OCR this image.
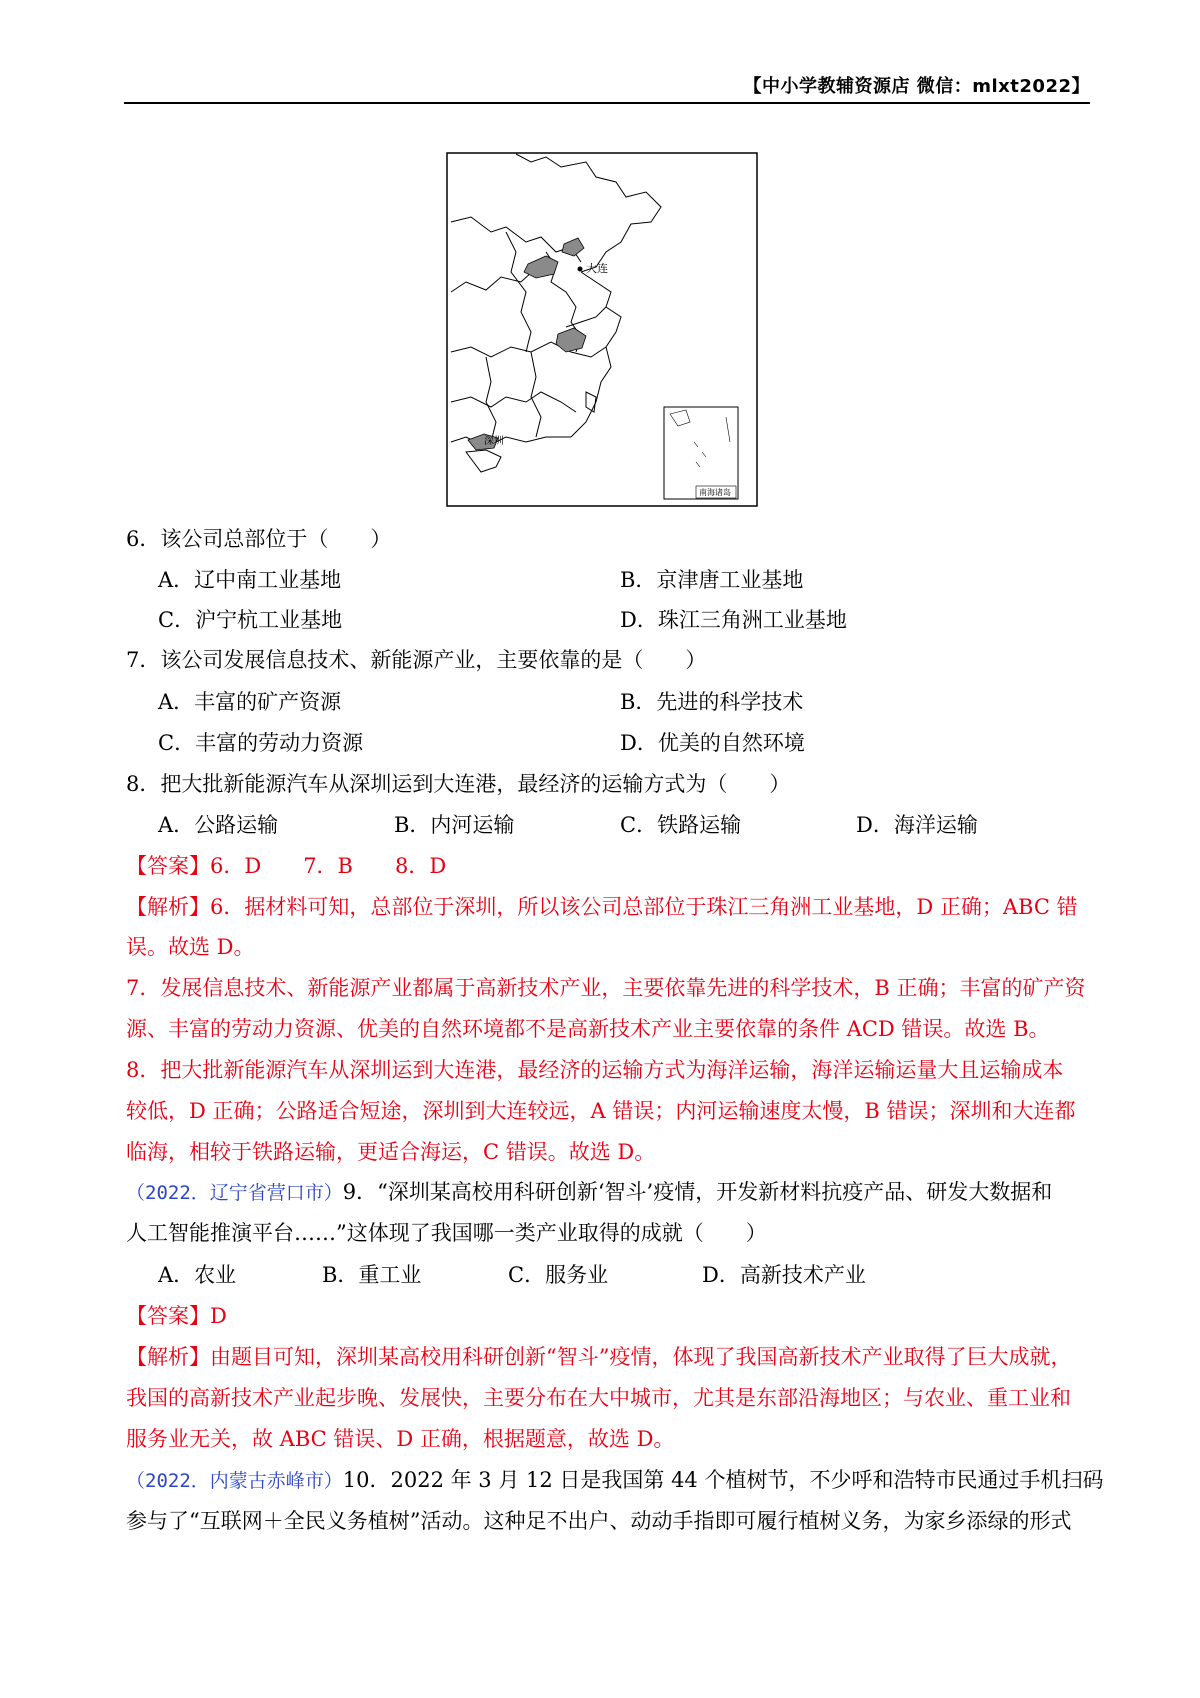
【中小学教辅资源店 微信：mlxt2022】
大连
深圳
南海诸岛
6．该公司总部位于（　　）
A．辽中南工业基地	B．京津唐工业基地
C．沪宁杭工业基地	D．珠江三角洲工业基地
7．该公司发展信息技术、新能源产业，主要依靠的是（　　）
A．丰富的矿产资源	B．先进的科学技术
C．丰富的劳动力资源	D．优美的自然环境
8．把大批新能源汽车从深圳运到大连港，最经济的运输方式为（　　）
A．公路运输	B．内河运输	C．铁路运输	D．海洋运输
【答案】6．D　　7．B　　8．D
【解析】6．据材料可知，总部位于深圳，所以该公司总部位于珠江三角洲工业基地，D 正确；ABC 错
误。故选 D。
7．发展信息技术、新能源产业都属于高新技术产业，主要依靠先进的科学技术，B 正确；丰富的矿产资
源、丰富的劳动力资源、优美的自然环境都不是高新技术产业主要依靠的条件 ACD 错误。故选 B。
8．把大批新能源汽车从深圳运到大连港，最经济的运输方式为海洋运输，海洋运输运量大且运输成本
较低，D 正确；公路适合短途，深圳到大连较远，A 错误；内河运输速度太慢，B 错误；深圳和大连都
临海，相较于铁路运输，更适合海运，C 错误。故选 D。
（2022．辽宁省营口市）9．“深圳某高校用科研创新‘智斗’疫情，开发新材料抗疫产品、研发大数据和
人工智能推演平台……”这体现了我国哪一类产业取得的成就（　　）
A．农业	B．重工业	C．服务业	D．高新技术产业
【答案】D
【解析】由题目可知，深圳某高校用科研创新“智斗”疫情，体现了我国高新技术产业取得了巨大成就，
我国的高新技术产业起步晚、发展快，主要分布在大中城市，尤其是东部沿海地区；与农业、重工业和
服务业无关，故 ABC 错误、D 正确，根据题意，故选 D。
（2022．内蒙古赤峰市）10．2022 年 3 月 12 日是我国第 44 个植树节，不少呼和浩特市民通过手机扫码
参与了“互联网＋全民义务植树”活动。这种足不出户、动动手指即可履行植树义务，为家乡添绿的形式
